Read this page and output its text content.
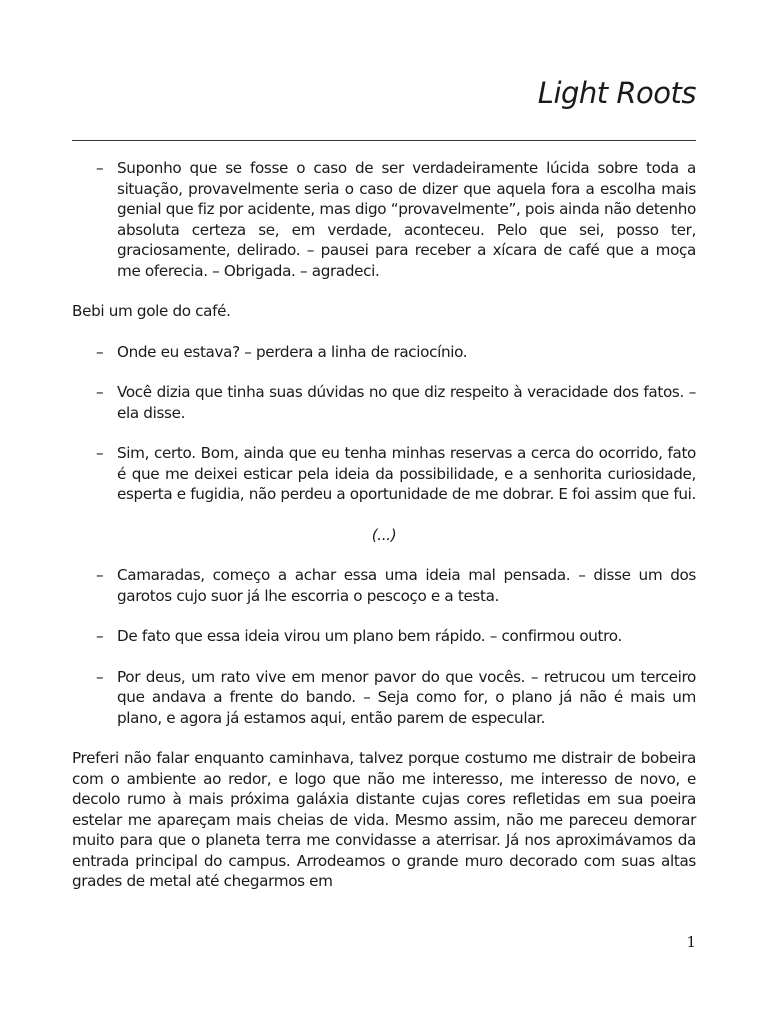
Light Roots
– Suponho que se fosse o caso de ser verdadeiramente lúcida sobre toda a situação, provavelmente seria o caso de dizer que aquela fora a escolha mais genial que fiz por acidente, mas digo “provavelmente”, pois ainda não detenho absoluta certeza se, em verdade, aconteceu. Pelo que sei, posso ter, graciosamente, delirado. – pausei para receber a xícara de café que a moça me oferecia. – Obrigada. – agradeci.

Bebi um gole do café.

– Onde eu estava? – perdera a linha de raciocínio.
– Você dizia que tinha suas dúvidas no que diz respeito à veracidade dos fatos. – ela disse.
– Sim, certo. Bom, ainda que eu tenha minhas reservas a cerca do ocorrido, fato é que me deixei esticar pela ideia da possibilidade, e a senhorita curiosidade, esperta e fugidia, não perdeu a oportunidade de me dobrar. E foi assim que fui.

(...)

– Camaradas, começo a achar essa uma ideia mal pensada. – disse um dos garotos cujo suor já lhe escorria o pescoço e a testa.
– De fato que essa ideia virou um plano bem rápido. – confirmou outro.
– Por deus, um rato vive em menor pavor do que vocês. – retrucou um terceiro que andava a frente do bando. – Seja como for, o plano já não é mais um plano, e agora já estamos aqui, então parem de especular.

Preferi não falar enquanto caminhava, talvez porque costumo me distrair de bobeira com o ambiente ao redor, e logo que não me interesso, me interesso de novo, e decolo rumo à mais próxima galáxia distante cujas cores refletidas em sua poeira estelar me apareçam mais cheias de vida. Mesmo assim, não me pareceu demorar muito para que o planeta terra me convidasse a aterrisar. Já nos aproximávamos da entrada principal do campus. Arrodeamos o grande muro decorado com suas altas grades de metal até chegarmos em

1
